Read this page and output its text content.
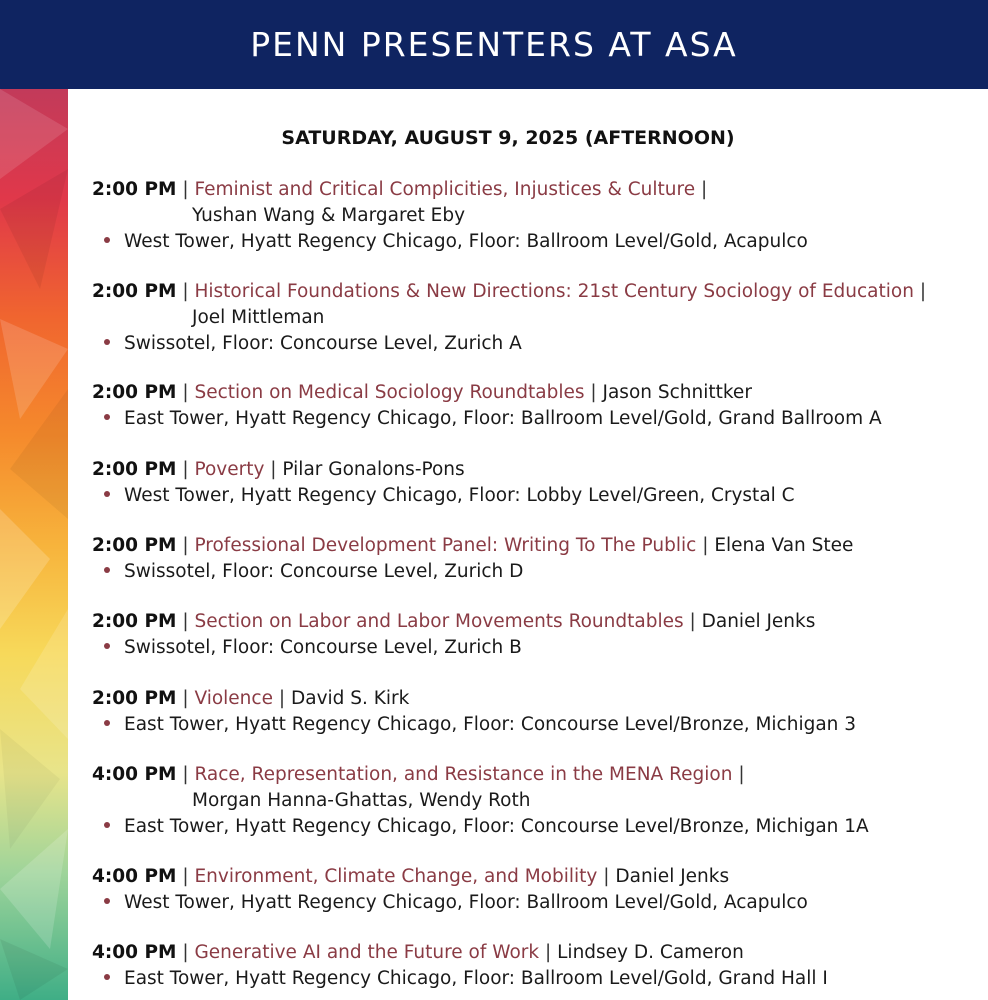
PENN PRESENTERS AT ASA
SATURDAY, AUGUST 9, 2025 (AFTERNOON)
2:00 PM | Feminist and Critical Complicities, Injustices & Culture |
Yushan Wang & Margaret Eby
West Tower, Hyatt Regency Chicago, Floor: Ballroom Level/Gold, Acapulco
2:00 PM | Historical Foundations & New Directions: 21st Century Sociology of Education |
Joel Mittleman
Swissotel, Floor: Concourse Level, Zurich A
2:00 PM | Section on Medical Sociology Roundtables | Jason Schnittker
East Tower, Hyatt Regency Chicago, Floor: Ballroom Level/Gold, Grand Ballroom A
2:00 PM | Poverty | Pilar Gonalons-Pons
West Tower, Hyatt Regency Chicago, Floor: Lobby Level/Green, Crystal C
2:00 PM | Professional Development Panel: Writing To The Public | Elena Van Stee
Swissotel, Floor: Concourse Level, Zurich D
2:00 PM | Section on Labor and Labor Movements Roundtables | Daniel Jenks
Swissotel, Floor: Concourse Level, Zurich B
2:00 PM | Violence | David S. Kirk
East Tower, Hyatt Regency Chicago, Floor: Concourse Level/Bronze, Michigan 3
4:00 PM | Race, Representation, and Resistance in the MENA Region |
Morgan Hanna-Ghattas, Wendy Roth
East Tower, Hyatt Regency Chicago, Floor: Concourse Level/Bronze, Michigan 1A
4:00 PM | Environment, Climate Change, and Mobility | Daniel Jenks
West Tower, Hyatt Regency Chicago, Floor: Ballroom Level/Gold, Acapulco
4:00 PM | Generative AI and the Future of Work | Lindsey D. Cameron
East Tower, Hyatt Regency Chicago, Floor: Ballroom Level/Gold, Grand Hall I
